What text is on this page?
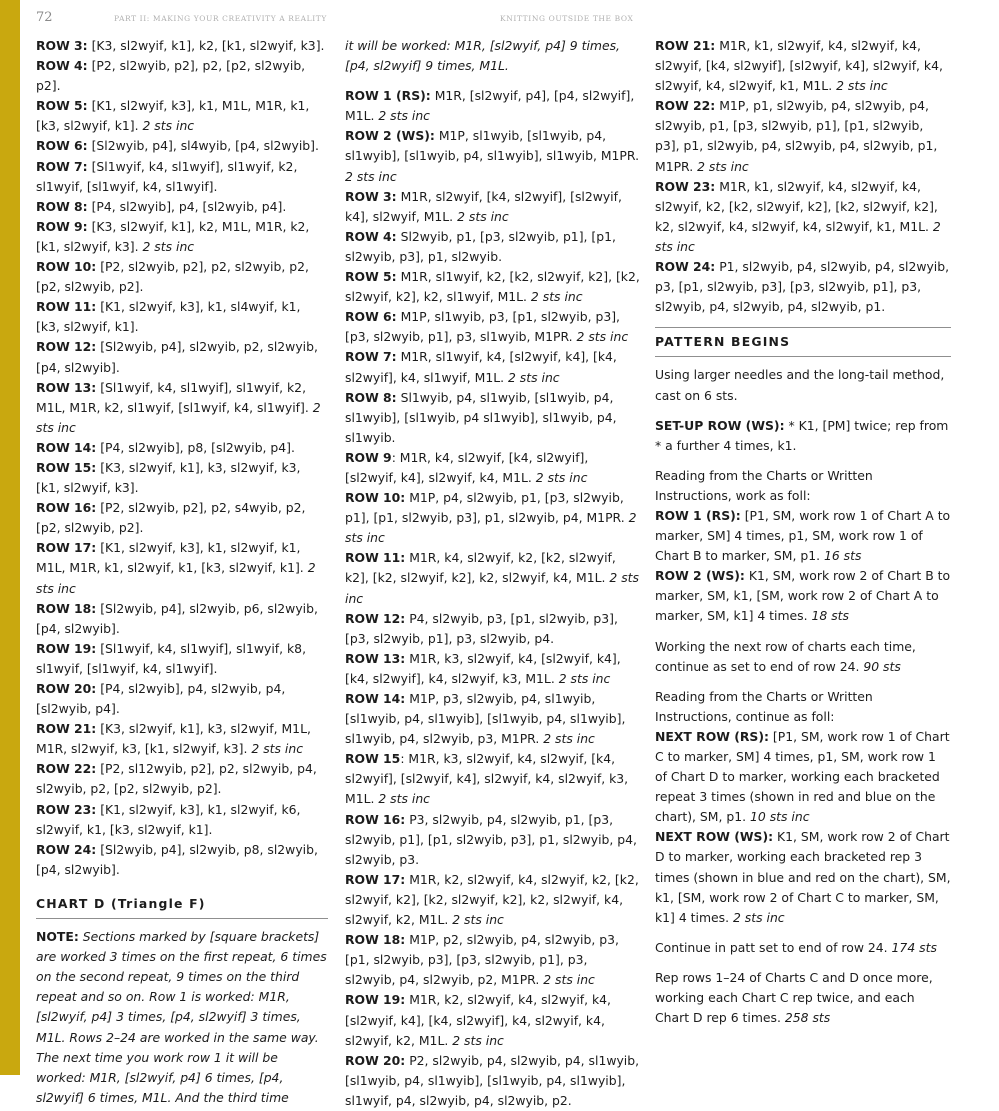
72	PART II: MAKING YOUR CREATIVITY A REALITY	KNITTING OUTSIDE THE BOX

ROW 3: [K3, sl2wyif, k1], k2, [k1, sl2wyif, k3].

ROW 4: [P2, sl2wyib, p2], p2, [p2, sl2wyib, p2].

ROW 5: [K1, sl2wyif, k3], k1, M1L, M1R, k1, [k3, sl2wyif, k1]. 2 sts inc

ROW 6: [Sl2wyib, p4], sl4wyib, [p4, sl2wyib].

ROW 7: [Sl1wyif, k4, sl1wyif], sl1wyif, k2, sl1wyif, [sl1wyif, k4, sl1wyif].

ROW 8: [P4, sl2wyib], p4, [sl2wyib, p4].

ROW 9: [K3, sl2wyif, k1], k2, M1L, M1R, k2, [k1, sl2wyif, k3]. 2 sts inc

ROW 10: [P2, sl2wyib, p2], p2, sl2wyib, p2, [p2, sl2wyib, p2].

ROW 11: [K1, sl2wyif, k3], k1, sl4wyif, k1, [k3, sl2wyif, k1].

ROW 12: [Sl2wyib, p4], sl2wyib, p2, sl2wyib, [p4, sl2wyib].

ROW 13: [Sl1wyif, k4, sl1wyif], sl1wyif, k2, M1L, M1R, k2, sl1wyif, [sl1wyif, k4, sl1wyif]. 2 sts inc

ROW 14: [P4, sl2wyib], p8, [sl2wyib, p4].

ROW 15: [K3, sl2wyif, k1], k3, sl2wyif, k3, [k1, sl2wyif, k3].

ROW 16: [P2, sl2wyib, p2], p2, s4wyib, p2, [p2, sl2wyib, p2].

ROW 17: [K1, sl2wyif, k3], k1, sl2wyif, k1, M1L, M1R, k1, sl2wyif, k1, [k3, sl2wyif, k1]. 2 sts inc

ROW 18: [Sl2wyib, p4], sl2wyib, p6, sl2wyib, [p4, sl2wyib].

ROW 19: [Sl1wyif, k4, sl1wyif], sl1wyif, k8, sl1wyif, [sl1wyif, k4, sl1wyif].

ROW 20: [P4, sl2wyib], p4, sl2wyib, p4, [sl2wyib, p4].

ROW 21: [K3, sl2wyif, k1], k3, sl2wyif, M1L, M1R, sl2wyif, k3, [k1, sl2wyif, k3]. 2 sts inc

ROW 22: [P2, sl12wyib, p2], p2, sl2wyib, p4, sl2wyib, p2, [p2, sl2wyib, p2].

ROW 23: [K1, sl2wyif, k3], k1, sl2wyif, k6, sl2wyif, k1, [k3, sl2wyif, k1].

ROW 24: [Sl2wyib, p4], sl2wyib, p8, sl2wyib, [p4, sl2wyib].

CHART D (Triangle F)

NOTE: Sections marked by [square brackets] are worked 3 times on the first repeat, 6 times on the second repeat, 9 times on the third repeat and so on. Row 1 is worked: M1R, [sl2wyif, p4] 3 times, [p4, sl2wyif] 3 times, M1L. Rows 2–24 are worked in the same way. The next time you work row 1 it will be worked: M1R, [sl2wyif, p4] 6 times, [p4, sl2wyif] 6 times, M1L. And the third time

it will be worked: M1R, [sl2wyif, p4] 9 times, [p4, sl2wyif] 9 times, M1L.

ROW 1 (RS): M1R, [sl2wyif, p4], [p4, sl2wyif], M1L. 2 sts inc

ROW 2 (WS): M1P, sl1wyib, [sl1wyib, p4, sl1wyib], [sl1wyib, p4, sl1wyib], sl1wyib, M1PR. 2 sts inc

ROW 3: M1R, sl2wyif, [k4, sl2wyif], [sl2wyif, k4], sl2wyif, M1L. 2 sts inc

ROW 4: Sl2wyib, p1, [p3, sl2wyib, p1], [p1, sl2wyib, p3], p1, sl2wyib.

ROW 5: M1R, sl1wyif, k2, [k2, sl2wyif, k2], [k2, sl2wyif, k2], k2, sl1wyif, M1L. 2 sts inc

ROW 6: M1P, sl1wyib, p3, [p1, sl2wyib, p3], [p3, sl2wyib, p1], p3, sl1wyib, M1PR. 2 sts inc

ROW 7: M1R, sl1wyif, k4, [sl2wyif, k4], [k4, sl2wyif], k4, sl1wyif, M1L. 2 sts inc

ROW 8: Sl1wyib, p4, sl1wyib, [sl1wyib, p4, sl1wyib], [sl1wyib, p4 sl1wyib], sl1wyib, p4, sl1wyib.

ROW 9: M1R, k4, sl2wyif, [k4, sl2wyif], [sl2wyif, k4], sl2wyif, k4, M1L. 2 sts inc

ROW 10: M1P, p4, sl2wyib, p1, [p3, sl2wyib, p1], [p1, sl2wyib, p3], p1, sl2wyib, p4, M1PR. 2 sts inc

ROW 11: M1R, k4, sl2wyif, k2, [k2, sl2wyif, k2], [k2, sl2wyif, k2], k2, sl2wyif, k4, M1L. 2 sts inc

ROW 12: P4, sl2wyib, p3, [p1, sl2wyib, p3], [p3, sl2wyib, p1], p3, sl2wyib, p4.

ROW 13: M1R, k3, sl2wyif, k4, [sl2wyif, k4], [k4, sl2wyif], k4, sl2wyif, k3, M1L. 2 sts inc

ROW 14: M1P, p3, sl2wyib, p4, sl1wyib, [sl1wyib, p4, sl1wyib], [sl1wyib, p4, sl1wyib], sl1wyib, p4, sl2wyib, p3, M1PR. 2 sts inc

ROW 15: M1R, k3, sl2wyif, k4, sl2wyif, [k4, sl2wyif], [sl2wyif, k4], sl2wyif, k4, sl2wyif, k3, M1L. 2 sts inc

ROW 16: P3, sl2wyib, p4, sl2wyib, p1, [p3, sl2wyib, p1], [p1, sl2wyib, p3], p1, sl2wyib, p4, sl2wyib, p3.

ROW 17: M1R, k2, sl2wyif, k4, sl2wyif, k2, [k2, sl2wyif, k2], [k2, sl2wyif, k2], k2, sl2wyif, k4, sl2wyif, k2, M1L. 2 sts inc

ROW 18: M1P, p2, sl2wyib, p4, sl2wyib, p3, [p1, sl2wyib, p3], [p3, sl2wyib, p1], p3, sl2wyib, p4, sl2wyib, p2, M1PR. 2 sts inc

ROW 19: M1R, k2, sl2wyif, k4, sl2wyif, k4, [sl2wyif, k4], [k4, sl2wyif], k4, sl2wyif, k4, sl2wyif, k2, M1L. 2 sts inc

ROW 20: P2, sl2wyib, p4, sl2wyib, p4, sl1wyib, [sl1wyib, p4, sl1wyib], [sl1wyib, p4, sl1wyib], sl1wyif, p4, sl2wyib, p4, sl2wyib, p2.

ROW 21: M1R, k1, sl2wyif, k4, sl2wyif, k4, sl2wyif, [k4, sl2wyif], [sl2wyif, k4], sl2wyif, k4, sl2wyif, k4, sl2wyif, k1, M1L. 2 sts inc

ROW 22: M1P, p1, sl2wyib, p4, sl2wyib, p4, sl2wyib, p1, [p3, sl2wyib, p1], [p1, sl2wyib, p3], p1, sl2wyib, p4, sl2wyib, p4, sl2wyib, p1, M1PR. 2 sts inc

ROW 23: M1R, k1, sl2wyif, k4, sl2wyif, k4, sl2wyif, k2, [k2, sl2wyif, k2], [k2, sl2wyif, k2], k2, sl2wyif, k4, sl2wyif, k4, sl2wyif, k1, M1L. 2 sts inc

ROW 24: P1, sl2wyib, p4, sl2wyib, p4, sl2wyib, p3, [p1, sl2wyib, p3], [p3, sl2wyib, p1], p3, sl2wyib, p4, sl2wyib, p4, sl2wyib, p1.

PATTERN BEGINS

Using larger needles and the long-tail method, cast on 6 sts.

SET-UP ROW (WS): * K1, [PM] twice; rep from * a further 4 times, k1.

Reading from the Charts or Written Instructions, work as foll:

ROW 1 (RS): [P1, SM, work row 1 of Chart A to marker, SM] 4 times, p1, SM, work row 1 of Chart B to marker, SM, p1. 16 sts

ROW 2 (WS): K1, SM, work row 2 of Chart B to marker, SM, k1, [SM, work row 2 of Chart A to marker, SM, k1] 4 times. 18 sts

Working the next row of charts each time, continue as set to end of row 24. 90 sts

Reading from the Charts or Written Instructions, continue as foll:

NEXT ROW (RS): [P1, SM, work row 1 of Chart C to marker, SM] 4 times, p1, SM, work row 1 of Chart D to marker, working each bracketed repeat 3 times (shown in red and blue on the chart), SM, p1. 10 sts inc

NEXT ROW (WS): K1, SM, work row 2 of Chart D to marker, working each bracketed rep 3 times (shown in blue and red on the chart), SM, k1, [SM, work row 2 of Chart C to marker, SM, k1] 4 times. 2 sts inc

Continue in patt set to end of row 24. 174 sts

Rep rows 1–24 of Charts C and D once more, working each Chart C rep twice, and each Chart D rep 6 times. 258 sts
